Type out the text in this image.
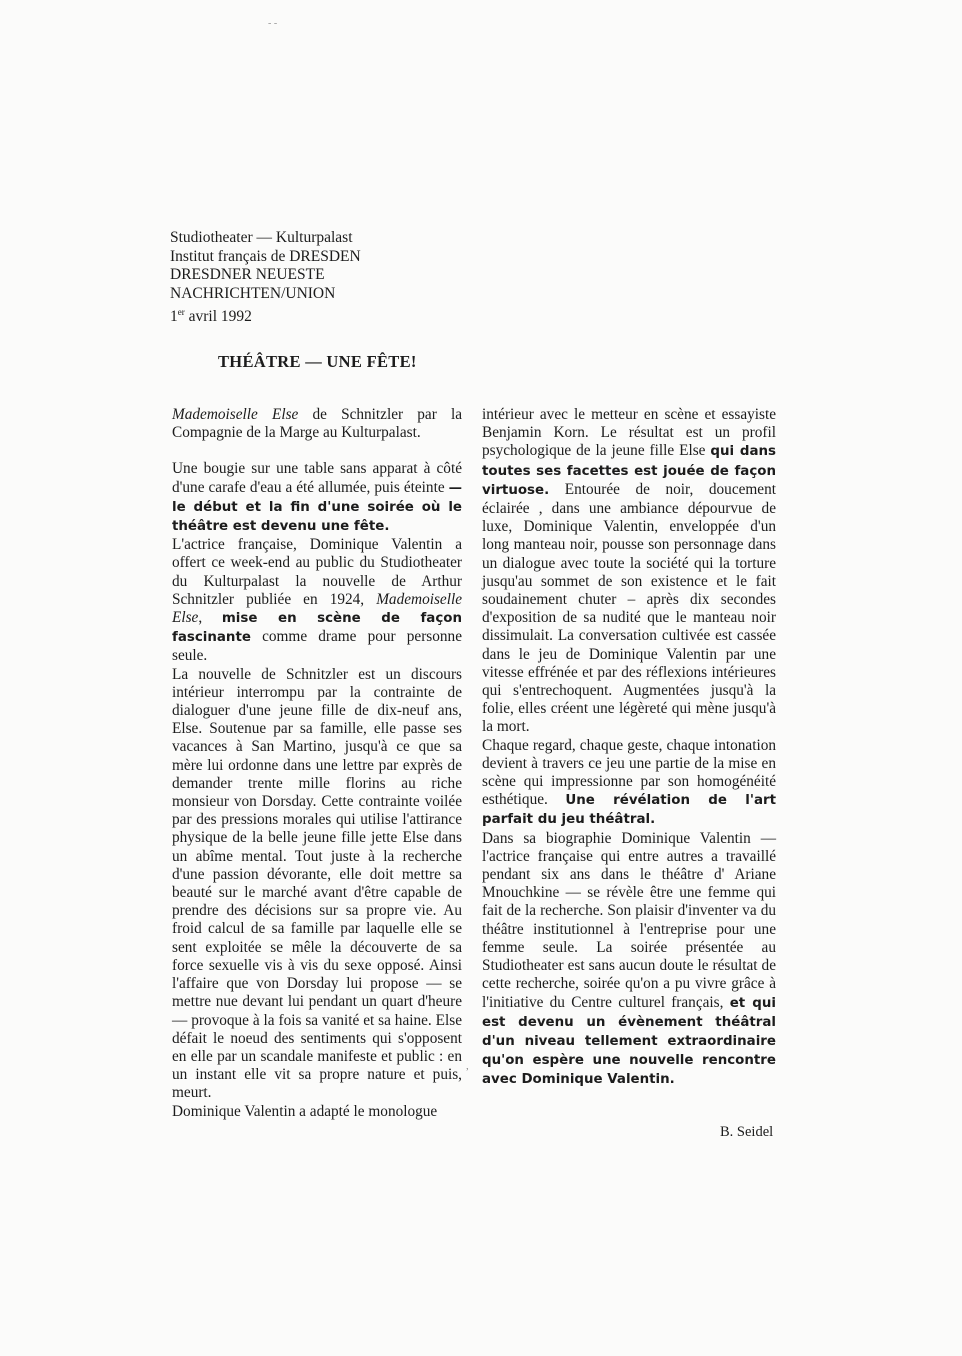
- -
Studiotheater — Kulturpalast
Institut français de DRESDEN
DRESDNER NEUESTE
NACHRICHTEN/UNION
1er avril 1992
THÉÂTRE — UNE FÊTE!

Mademoiselle Else de Schnitzler par la Compagnie de la Marge au Kulturpalast.

Une bougie sur une table sans apparat à côté d'une carafe d'eau a été allumée, puis éteinte — le début et la fin d'une soirée où le théâtre est devenu une fête.

L'actrice française, Dominique Valentin a offert ce week-end au public du Studiotheater du Kulturpalast la nouvelle de Arthur Schnitzler publiée en 1924, Mademoiselle Else, mise en scène de façon fascinante comme drame pour personne seule.

La nouvelle de Schnitzler est un discours intérieur interrompu par la contrainte de dialoguer d'une jeune fille de dix-neuf ans, Else. Soutenue par sa famille, elle passe ses vacances à San Martino, jusqu'à ce que sa mère lui ordonne dans une lettre par exprès de demander trente mille florins au riche monsieur von Dorsday. Cette contrainte voilée par des pressions morales qui utilise l'attirance physique de la belle jeune fille jette Else dans un abîme mental. Tout juste à la recherche d'une passion dévorante, elle doit mettre sa beauté sur le marché avant d'être capable de prendre des décisions sur sa propre vie. Au froid calcul de sa famille par laquelle elle se sent exploitée se mêle la découverte de sa force sexuelle vis à vis du sexe opposé. Ainsi l'affaire que von Dorsday lui propose — se mettre nue devant lui pendant un quart d'heure — provoque à la fois sa vanité et sa haine. Else défait le noeud des sentiments qui s'opposent en elle par un scandale manifeste et public : en un instant elle vit sa propre nature et puis, meurt.

Dominique Valentin a adapté le monologue

,

intérieur avec le metteur en scène et essayiste Benjamin Korn. Le résultat est un profil psychologique de la jeune fille Else qui dans toutes ses facettes est jouée de façon virtuose. Entourée de noir, doucement éclairée , dans une ambiance dépourvue de luxe, Dominique Valentin, enveloppée d'un long manteau noir, pousse son personnage dans un dialogue avec toute la société qui la torture jusqu'au sommet de son existence et le fait soudainement chuter – après dix secondes d'exposition de sa nudité que le manteau noir dissimulait. La conversation cultivée est cassée dans le jeu de Dominique Valentin par une vitesse effrénée et par des réflexions intérieures qui s'entrechoquent. Augmentées jusqu'à la folie, elles créent une légèreté qui mène jusqu'à la mort.

Chaque regard, chaque geste, chaque intonation devient à travers ce jeu une partie de la mise en scène qui impressionne par son homogénéité esthétique. Une révélation de l'art parfait du jeu théâtral.

Dans sa biographie Dominique Valentin — l'actrice française qui entre autres a travaillé pendant six ans dans le théâtre d' Ariane Mnouchkine — se révèle être une femme qui fait de la recherche. Son plaisir d'inventer va du théâtre institutionnel à l'entreprise pour une femme seule. La soirée présentée au Studiotheater est sans aucun doute le résultat de cette recherche, soirée qu'on a pu vivre grâce à l'initiative du Centre culturel français, et qui est devenu un évènement théâtral d'un niveau tellement extraordinaire qu'on espère une nouvelle rencontre avec Dominique Valentin.

B. Seidel
